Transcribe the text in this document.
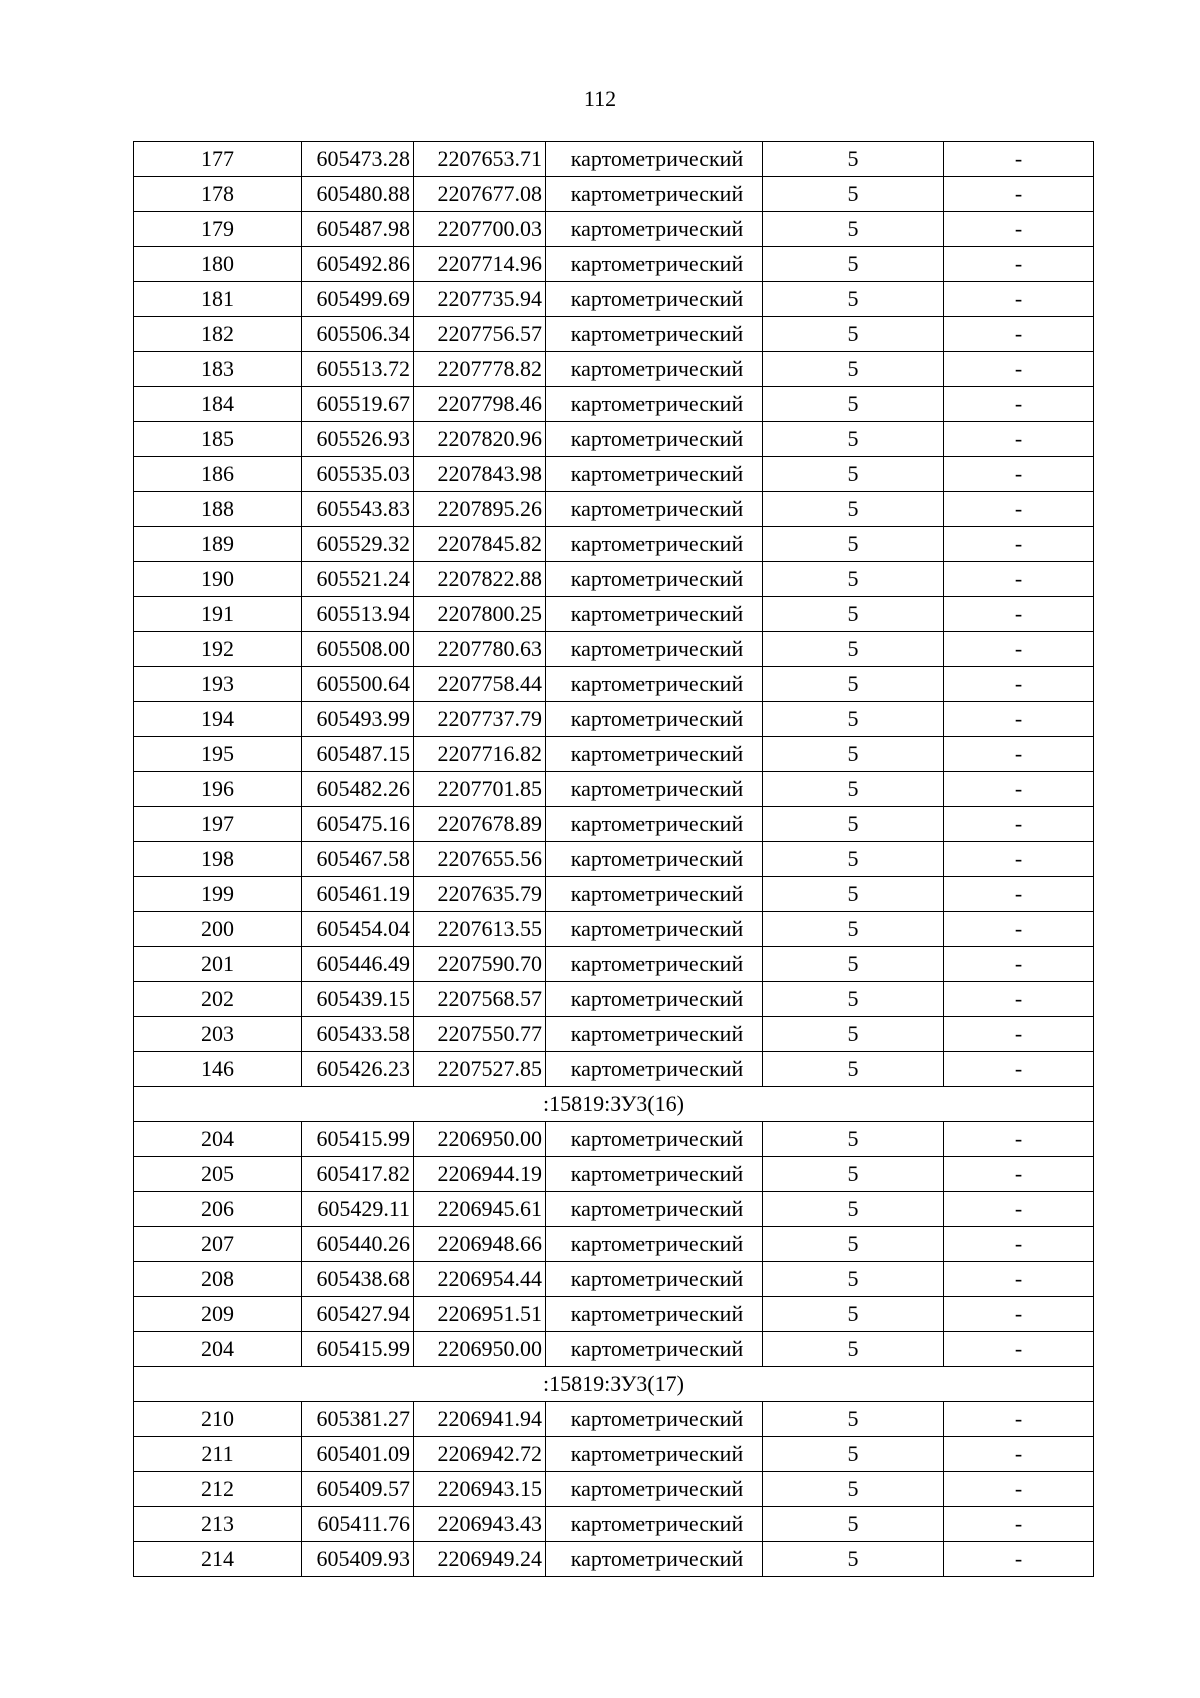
112
177	605473.28	2207653.71	картометрический	5	-
178	605480.88	2207677.08	картометрический	5	-
179	605487.98	2207700.03	картометрический	5	-
180	605492.86	2207714.96	картометрический	5	-
181	605499.69	2207735.94	картометрический	5	-
182	605506.34	2207756.57	картометрический	5	-
183	605513.72	2207778.82	картометрический	5	-
184	605519.67	2207798.46	картометрический	5	-
185	605526.93	2207820.96	картометрический	5	-
186	605535.03	2207843.98	картометрический	5	-
188	605543.83	2207895.26	картометрический	5	-
189	605529.32	2207845.82	картометрический	5	-
190	605521.24	2207822.88	картометрический	5	-
191	605513.94	2207800.25	картометрический	5	-
192	605508.00	2207780.63	картометрический	5	-
193	605500.64	2207758.44	картометрический	5	-
194	605493.99	2207737.79	картометрический	5	-
195	605487.15	2207716.82	картометрический	5	-
196	605482.26	2207701.85	картометрический	5	-
197	605475.16	2207678.89	картометрический	5	-
198	605467.58	2207655.56	картометрический	5	-
199	605461.19	2207635.79	картометрический	5	-
200	605454.04	2207613.55	картометрический	5	-
201	605446.49	2207590.70	картометрический	5	-
202	605439.15	2207568.57	картометрический	5	-
203	605433.58	2207550.77	картометрический	5	-
146	605426.23	2207527.85	картометрический	5	-
:15819:ЗУ3(16)					
204	605415.99	2206950.00	картометрический	5	-
205	605417.82	2206944.19	картометрический	5	-
206	605429.11	2206945.61	картометрический	5	-
207	605440.26	2206948.66	картометрический	5	-
208	605438.68	2206954.44	картометрический	5	-
209	605427.94	2206951.51	картометрический	5	-
204	605415.99	2206950.00	картометрический	5	-
:15819:ЗУ3(17)					
210	605381.27	2206941.94	картометрический	5	-
211	605401.09	2206942.72	картометрический	5	-
212	605409.57	2206943.15	картометрический	5	-
213	605411.76	2206943.43	картометрический	5	-
214	605409.93	2206949.24	картометрический	5	-
